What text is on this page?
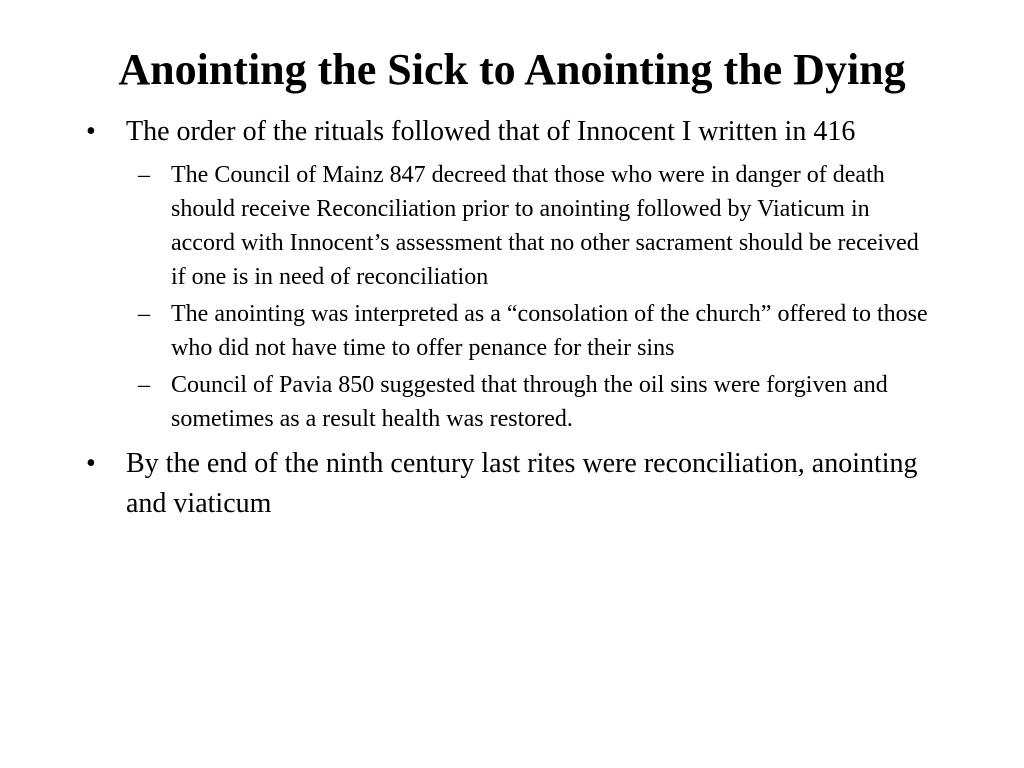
Anointing the Sick to Anointing the Dying
• The order of the rituals followed that of Innocent I written in 416
– The Council of Mainz 847 decreed that those who were in danger of death should receive Reconciliation prior to anointing followed by Viaticum in accord with Innocent’s assessment that no other sacrament should be received if one is in need of reconciliation
– The anointing was interpreted as a “consolation of the church” offered to those who did not have time to offer penance for their sins
– Council of Pavia 850 suggested that through the oil sins were forgiven and sometimes as a result health was restored.
• By the end of the ninth century last rites were reconciliation, anointing and viaticum
